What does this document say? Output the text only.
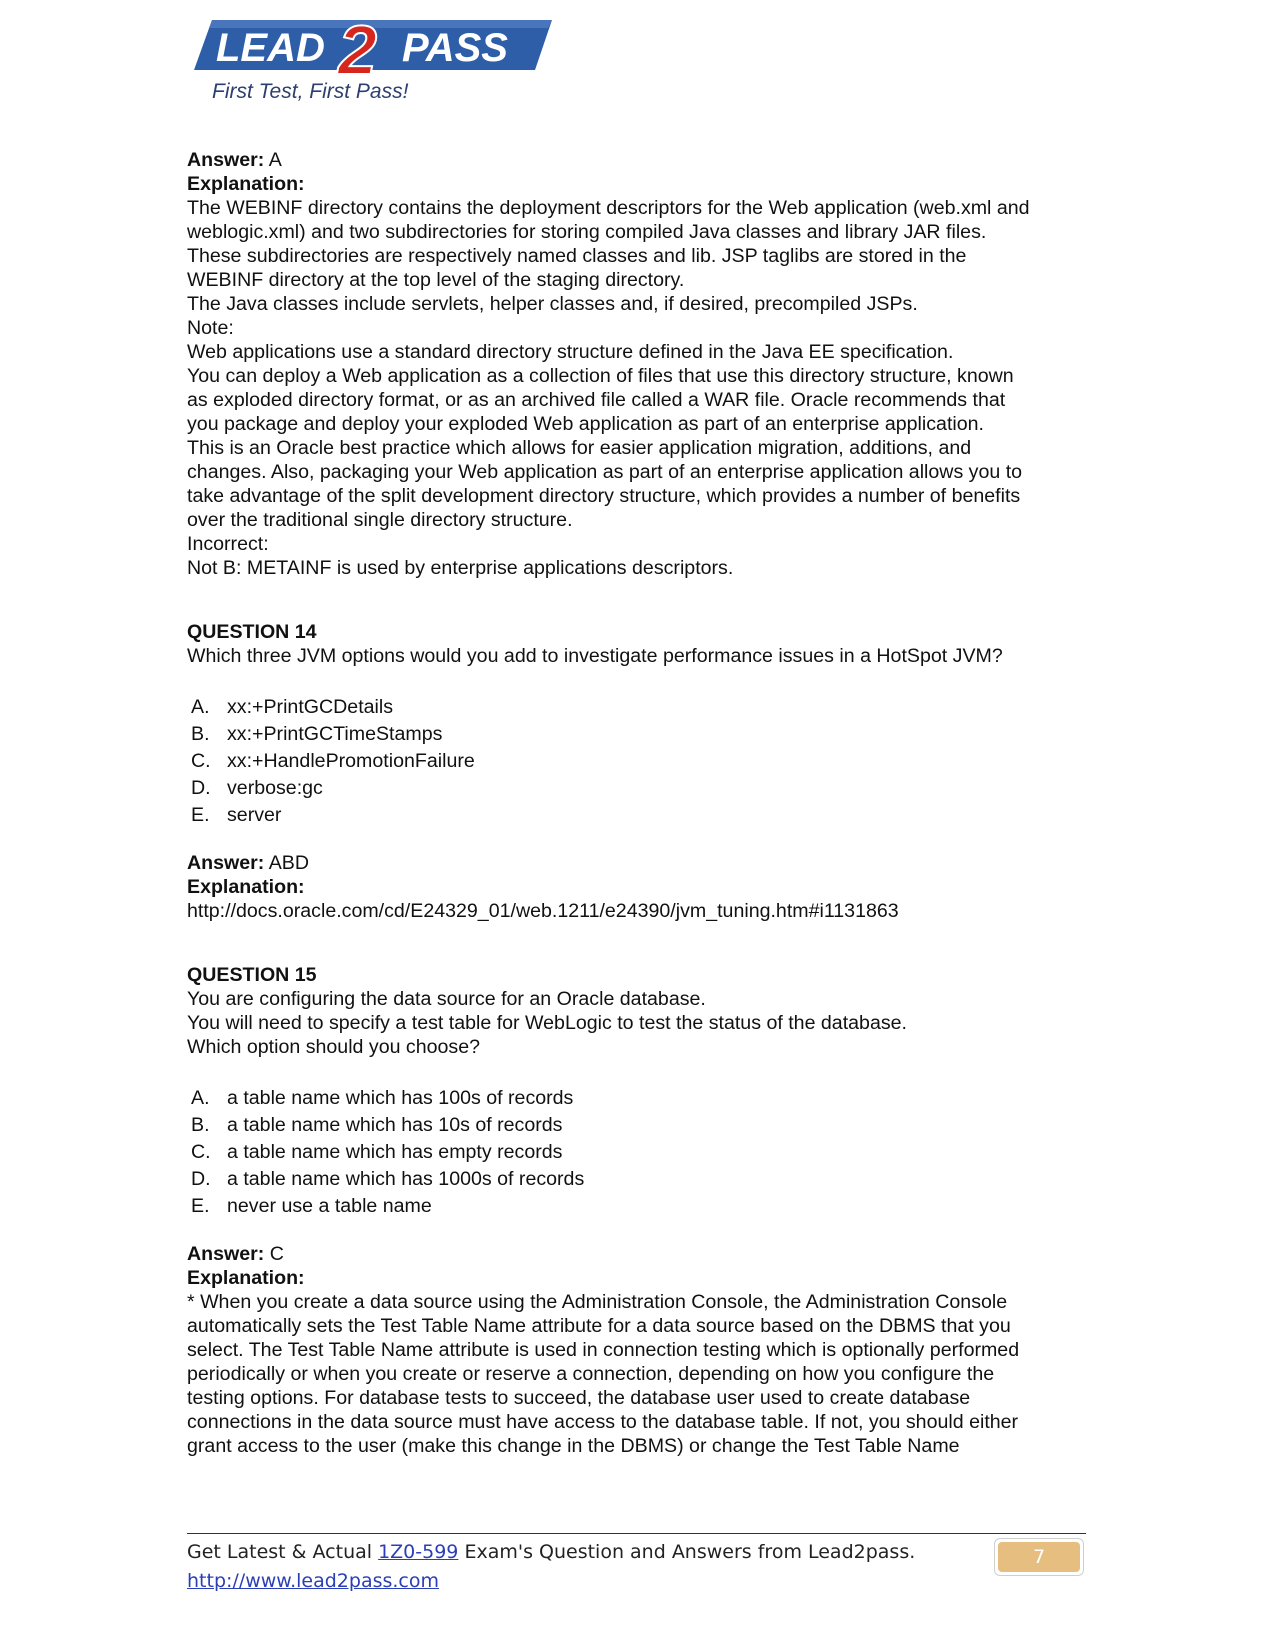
LEAD PASS
2
First Test, First Pass!

Answer: A

Explanation:

The WEBINF directory contains the deployment descriptors for the Web application (web.xml and

weblogic.xml) and two subdirectories for storing compiled Java classes and library JAR files.

These subdirectories are respectively named classes and lib. JSP taglibs are stored in the

WEBINF directory at the top level of the staging directory.

The Java classes include servlets, helper classes and, if desired, precompiled JSPs.

Note:

Web applications use a standard directory structure defined in the Java EE specification.

You can deploy a Web application as a collection of files that use this directory structure, known

as exploded directory format, or as an archived file called a WAR file. Oracle recommends that

you package and deploy your exploded Web application as part of an enterprise application.

This is an Oracle best practice which allows for easier application migration, additions, and

changes. Also, packaging your Web application as part of an enterprise application allows you to

take advantage of the split development directory structure, which provides a number of benefits

over the traditional single directory structure.

Incorrect:

Not B: METAINF is used by enterprise applications descriptors.

QUESTION 14

Which three JVM options would you add to investigate performance issues in a HotSpot JVM?

A. xx:+PrintGCDetails
B. xx:+PrintGCTimeStamps
C. xx:+HandlePromotionFailure
D. verbose:gc
E. server

Answer: ABD

Explanation:

http://docs.oracle.com/cd/E24329_01/web.1211/e24390/jvm_tuning.htm#i1131863

QUESTION 15

You are configuring the data source for an Oracle database.

You will need to specify a test table for WebLogic to test the status of the database.

Which option should you choose?

A. a table name which has 100s of records
B. a table name which has 10s of records
C. a table name which has empty records
D. a table name which has 1000s of records
E. never use a table name

Answer: C

Explanation:

* When you create a data source using the Administration Console, the Administration Console

automatically sets the Test Table Name attribute for a data source based on the DBMS that you

select. The Test Table Name attribute is used in connection testing which is optionally performed

periodically or when you create or reserve a connection, depending on how you configure the

testing options. For database tests to succeed, the database user used to create database

connections in the data source must have access to the database table. If not, you should either

grant access to the user (make this change in the DBMS) or change the Test Table Name

Get Latest & Actual 1Z0-599 Exam's Question and Answers from Lead2pass.
http://www.lead2pass.com
7
